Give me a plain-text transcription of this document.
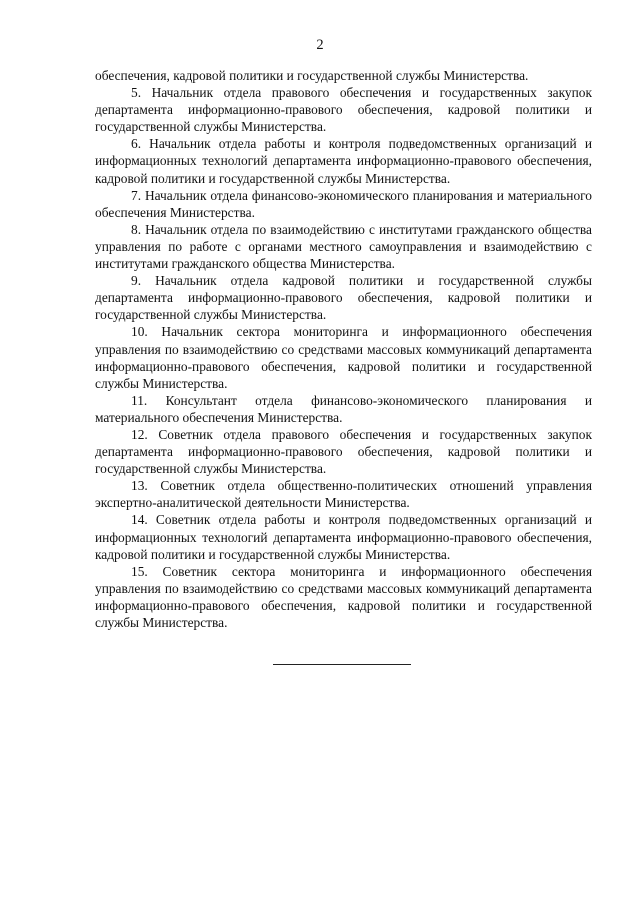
2

обеспечения, кадровой политики и государственной службы Министерства.

5. Начальник отдела правового обеспечения и государственных закупок департамента информационно-правового обеспечения, кадровой политики и государственной службы Министерства.

6. Начальник отдела работы и контроля подведомственных организаций и информационных технологий департамента информационно-правового обеспечения, кадровой политики и государственной службы Министерства.

7. Начальник отдела финансово-экономического планирования и материального обеспечения Министерства.

8. Начальник отдела по взаимодействию с институтами гражданского общества управления по работе с органами местного самоуправления и взаимодействию с институтами гражданского общества Министерства.

9. Начальник отдела кадровой политики и государственной службы департамента информационно-правового обеспечения, кадровой политики и государственной службы Министерства.

10. Начальник сектора мониторинга и информационного обеспечения управления по взаимодействию со средствами массовых коммуникаций департамента информационно-правового обеспечения, кадровой политики и государственной службы Министерства.

11. Консультант отдела финансово-экономического планирования и материального обеспечения Министерства.

12. Советник отдела правового обеспечения и государственных закупок департамента информационно-правового обеспечения, кадровой политики и государственной службы Министерства.

13. Советник отдела общественно-политических отношений управления экспертно-аналитической деятельности Министерства.

14. Советник отдела работы и контроля подведомственных организаций и информационных технологий департамента информационно-правового обеспечения, кадровой политики и государственной службы Министерства.

15. Советник сектора мониторинга и информационного обеспечения управления по взаимодействию со средствами массовых коммуникаций департамента информационно-правового обеспечения, кадровой политики и государственной службы Министерства.
